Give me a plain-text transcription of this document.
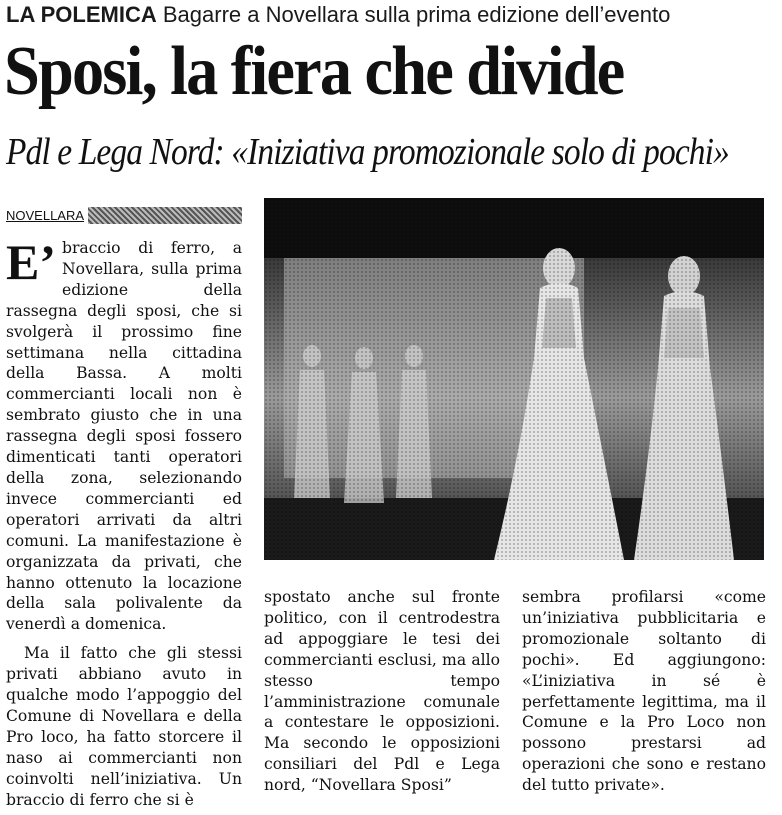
LA POLEMICA Bagarre a Novellara sulla prima edizione dell’evento
Sposi, la fiera che divide
Pdl e Lega Nord: «Iniziativa promozionale solo di pochi»
NOVELLARA

E’ braccio di ferro, a Novellara, sulla prima edizione della rassegna degli sposi, che si svolgerà il prossimo fine settimana nella cittadina della Bassa. A molti commercianti locali non è sembrato giusto che in una rassegna degli sposi fossero dimenticati tanti operatori della zona, selezionando invece commercianti ed operatori arrivati da altri comuni. La manifestazione è organizzata da privati, che hanno ottenuto la locazione della sala polivalente da venerdì a domenica.

Ma il fatto che gli stessi privati abbiano avuto in qualche modo l’appoggio del Comune di Novellara e della Pro loco, ha fatto storcere il naso ai commercianti non coinvolti nell’iniziativa. Un braccio di ferro che si è

spostato anche sul fronte politico, con il centrodestra ad appoggiare le tesi dei commercianti esclusi, ma allo stesso tempo l’amministrazione comunale a contestare le opposizioni. Ma secondo le opposizioni consiliari del Pdl e Lega nord, “Novellara Sposi”
sembra profilarsi «come un’iniziativa pubblicitaria e promozionale soltanto di pochi». Ed aggiungono: «L’iniziativa in sé è perfettamente legittima, ma il Comune e la Pro Loco non possono prestarsi ad operazioni che sono e restano del tutto private».
